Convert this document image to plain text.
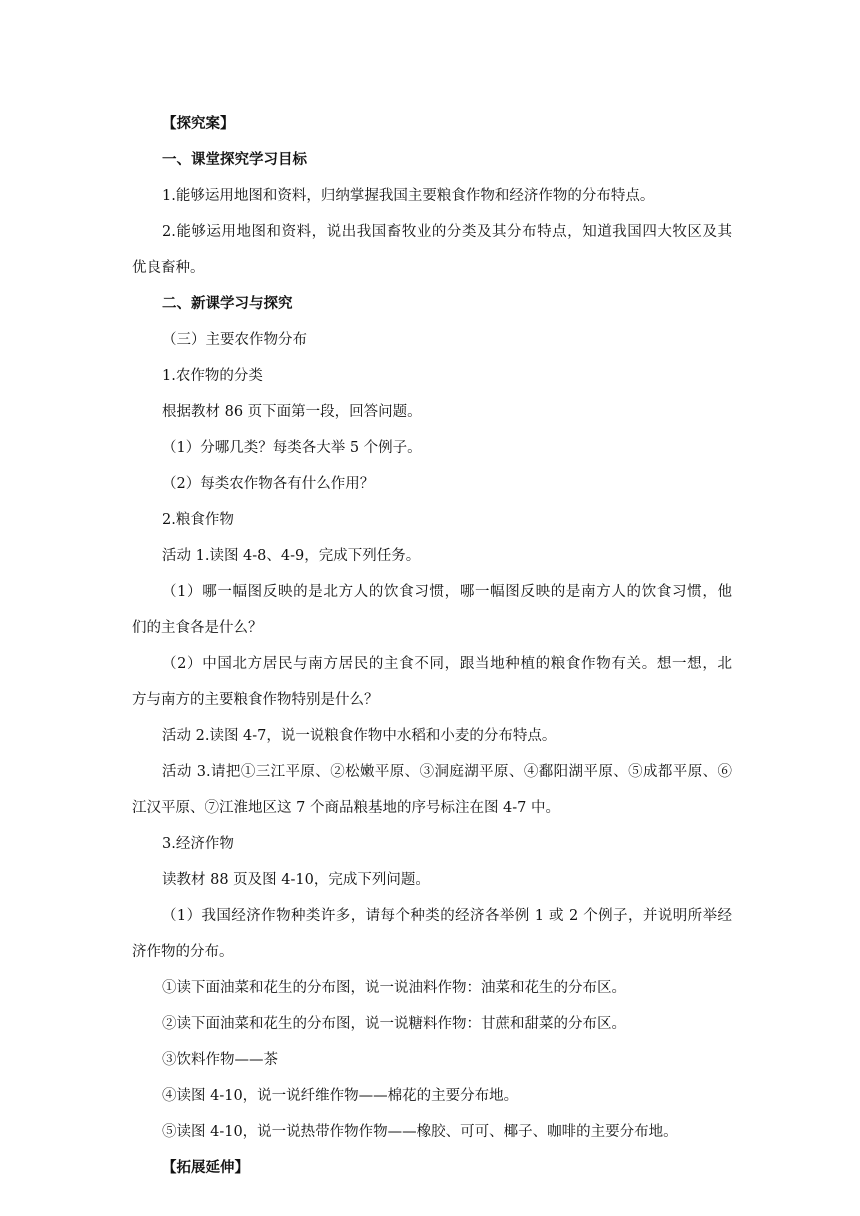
【探究案】
一、课堂探究学习目标
1.能够运用地图和资料，归纳掌握我国主要粮食作物和经济作物的分布特点。
2.能够运用地图和资料，说出我国畜牧业的分类及其分布特点，知道我国四大牧区及其
优良畜种。
二、新课学习与探究
（三）主要农作物分布
1.农作物的分类
根据教材 86 页下面第一段，回答问题。
（1）分哪几类？每类各大举 5 个例子。
（2）每类农作物各有什么作用？
2.粮食作物
活动 1.读图 4-8、4-9，完成下列任务。
（1）哪一幅图反映的是北方人的饮食习惯，哪一幅图反映的是南方人的饮食习惯，他
们的主食各是什么？
（2）中国北方居民与南方居民的主食不同，跟当地种植的粮食作物有关。想一想，北
方与南方的主要粮食作物特别是什么？
活动 2.读图 4-7，说一说粮食作物中水稻和小麦的分布特点。
活动 3.请把①三江平原、②松嫩平原、③洞庭湖平原、④鄱阳湖平原、⑤成都平原、⑥
江汉平原、⑦江淮地区这 7 个商品粮基地的序号标注在图 4-7 中。
3.经济作物
读教材 88 页及图 4-10，完成下列问题。
（1）我国经济作物种类许多，请每个种类的经济各举例 1 或 2 个例子，并说明所举经
济作物的分布。
①读下面油菜和花生的分布图，说一说油料作物：油菜和花生的分布区。
②读下面油菜和花生的分布图，说一说糖料作物：甘蔗和甜菜的分布区。
③饮料作物——茶
④读图 4-10，说一说纤维作物——棉花的主要分布地。
⑤读图 4-10，说一说热带作物作物——橡胶、可可、椰子、咖啡的主要分布地。
【拓展延伸】
